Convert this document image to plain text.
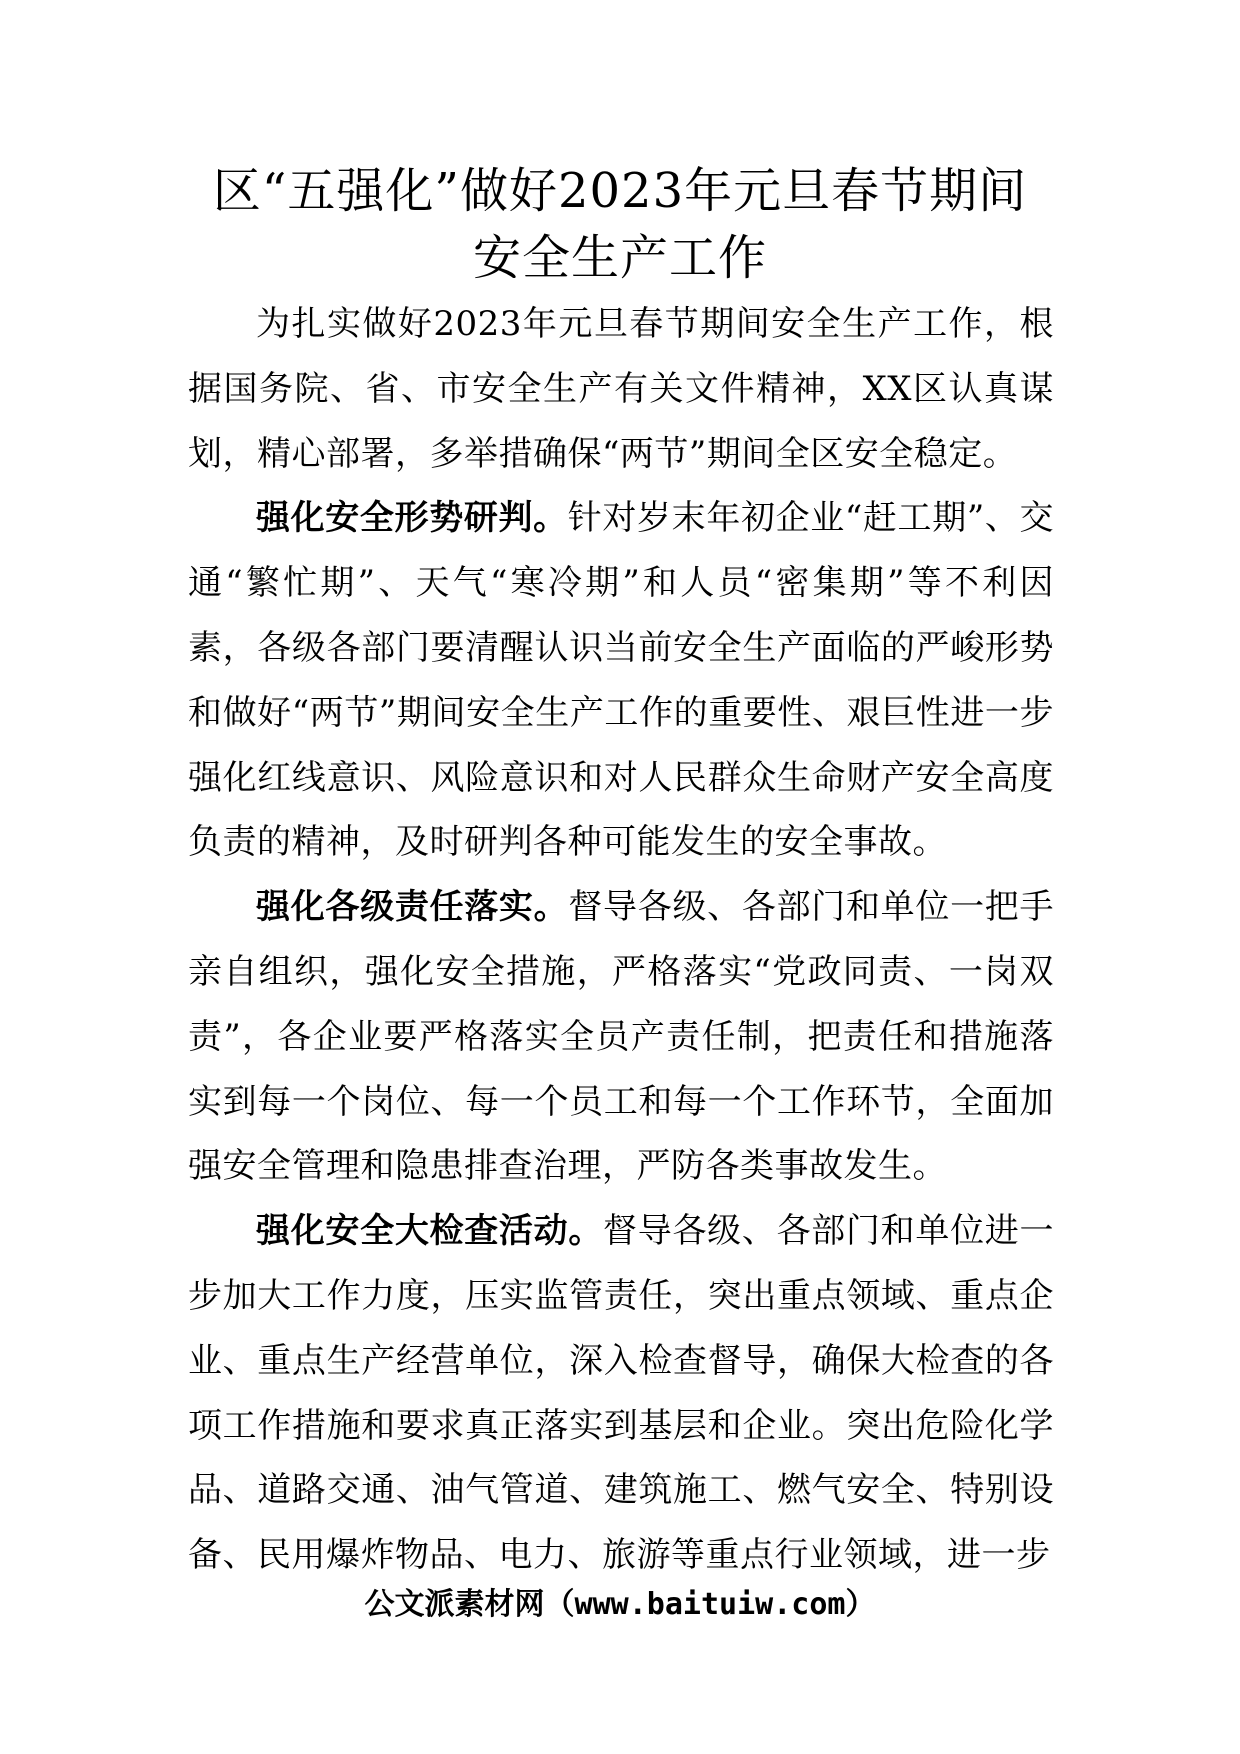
区“五强化”做好2023年元旦春节期间
安全生产工作

为扎实做好2023年元旦春节期间安全生产工作，根据国务院、省、市安全生产有关文件精神，XX区认真谋划，精心部署，多举措确保“两节”期间全区安全稳定。

强化安全形势研判。针对岁末年初企业“赶工期”、交通“繁忙期”、天气“寒冷期”和人员“密集期”等不利因素，各级各部门要清醒认识当前安全生产面临的严峻形势和做好“两节”期间安全生产工作的重要性、艰巨性进一步强化红线意识、风险意识和对人民群众生命财产安全高度负责的精神，及时研判各种可能发生的安全事故。

强化各级责任落实。督导各级、各部门和单位一把手亲自组织，强化安全措施，严格落实“党政同责、一岗双责”，各企业要严格落实全员产责任制，把责任和措施落实到每一个岗位、每一个员工和每一个工作环节，全面加强安全管理和隐患排查治理，严防各类事故发生。

强化安全大检查活动。督导各级、各部门和单位进一步加大工作力度，压实监管责任，突出重点领域、重点企业、重点生产经营单位，深入检查督导，确保大检查的各项工作措施和要求真正落实到基层和企业。突出危险化学品、道路交通、油气管道、建筑施工、燃气安全、特别设备、民用爆炸物品、电力、旅游等重点行业领域，进一步

公文派素材网（www.baituiw.com）
